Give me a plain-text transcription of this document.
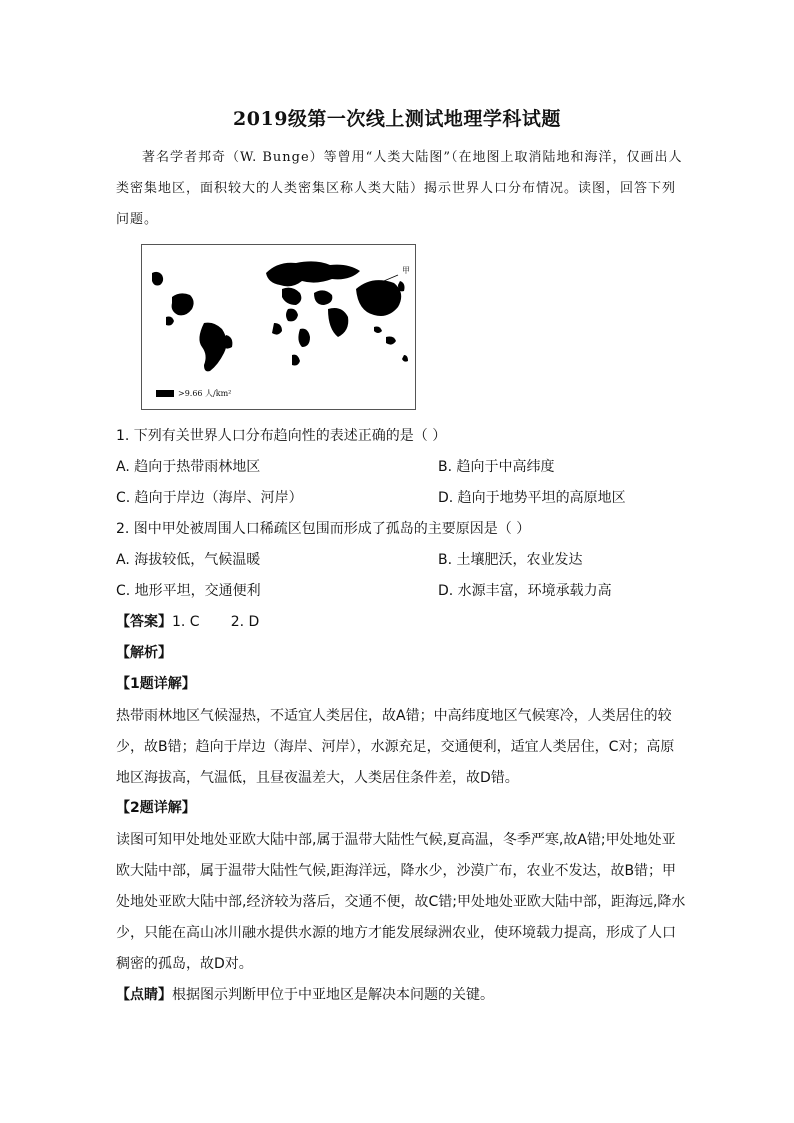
2019级第一次线上测试地理学科试题
著名学者邦奇（W. Bunge）等曾用“人类大陆图”（在地图上取消陆地和海洋，仅画出人类密集地区，面积较大的人类密集区称人类大陆）揭示世界人口分布情况。读图，回答下列问题。
甲
>9.66 人/km²
1. 下列有关世界人口分布趋向性的表述正确的是（ ）
A. 趋向于热带雨林地区	B. 趋向于中高纬度
C. 趋向于岸边（海岸、河岸）	D. 趋向于地势平坦的高原地区
2. 图中甲处被周围人口稀疏区包围而形成了孤岛的主要原因是（ ）
A. 海拔较低，气候温暖	B. 土壤肥沃，农业发达
C. 地形平坦，交通便利	D. 水源丰富，环境承载力高
【答案】1. C       2. D
【解析】
【1题详解】
热带雨林地区气候湿热，不适宜人类居住，故A错；中高纬度地区气候寒冷，人类居住的较少，故B错；趋向于岸边（海岸、河岸），水源充足，交通便利，适宜人类居住，C对；高原地区海拔高，气温低，且昼夜温差大，人类居住条件差，故D错。
【2题详解】
读图可知甲处地处亚欧大陆中部,属于温带大陆性气候,夏高温，冬季严寒,故A错;甲处地处亚欧大陆中部，属于温带大陆性气候,距海洋远，降水少，沙漠广布，农业不发达，故B错；甲处地处亚欧大陆中部,经济较为落后，交通不便，故C错;甲处地处亚欧大陆中部，距海远,降水少，只能在高山冰川融水提供水源的地方才能发展绿洲农业，使环境载力提高，形成了人口稠密的孤岛，故D对。
【点睛】根据图示判断甲位于中亚地区是解决本问题的关键。
